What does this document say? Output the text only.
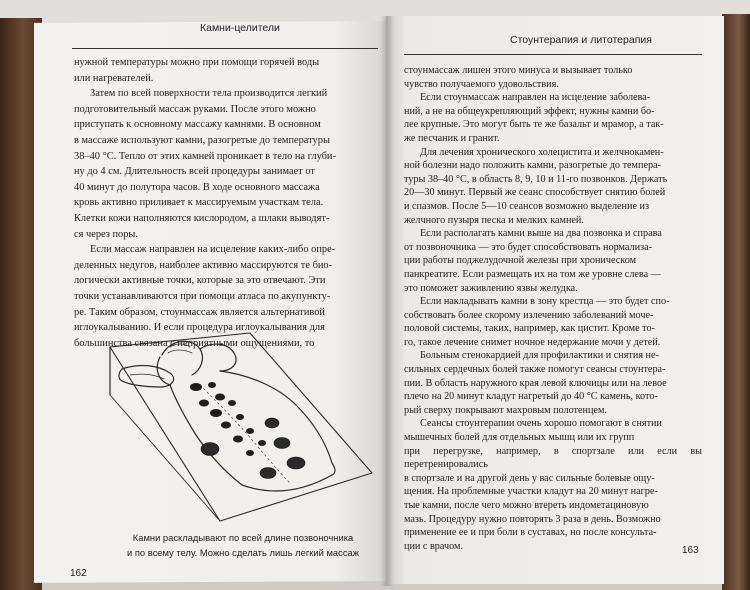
Камни-целители

нужной температуры можно при помощи горячей воды

или нагревателей.

Затем по всей поверхности тела производится легкий

подготовительный массаж руками. После этого можно

приступать к основному массажу камнями. В основном

в массаже используют камни, разогретые до температуры

38–40 °С. Тепло от этих камней проникает в тело на глуби-

ну до 4 см. Длительность всей процедуры занимает от

40 минут до полутора часов. В ходе основного массажа

кровь активно приливает к массируемым участкам тела.

Клетки кожи наполняются кислородом, а шлаки выводят-

ся через поры.

Если массаж направлен на исцеление каких-либо опре-

деленных недугов, наиболее активно массируются те био-

логически активные точки, которые за это отвечают. Эти

точки устанавливаются при помощи атласа по акупункту-

ре. Таким образом, стоунмассаж является альтернативой

иглоукалыванию. И если процедура иглоукалывания для

большинства связана с неприятными ощущениями, то

Камни раскладывают по всей длине позвоночника
и по всему телу. Можно сделать лишь легкий массаж
162
Стоунтерапия и литотерапия

стоунмассаж лишен этого минуса и вызывает только

чувство получаемого удовольствия.

Если стоунмассаж направлен на исцеление заболева-

ний, а не на общеукрепляющий эффект, нужны камни бо-

лее крупные. Это могут быть те же базальт и мрамор, а так-

же песчаник и гранит.

Для лечения хронического холецистита и желчнокамен-

ной болезни надо положить камни, разогретые до темпера-

туры 38–40 °С, в область 8, 9, 10 и 11-го позвонков. Держать

20—30 минут. Первый же сеанс способствует снятию болей

и спазмов. После 5—10 сеансов возможно выделение из

желчного пузыря песка и мелких камней.

Если располагать камни выше на два позвонка и справа

от позвоночника — это будет способствовать нормализа-

ции работы поджелудочной железы при хроническом

панкреатите. Если размещать их на том же уровне слева —

это поможет заживлению язвы желудка.

Если накладывать камни в зону крестца — это будет спо-

собствовать более скорому излечению заболеваний моче-

половой системы, таких, например, как цистит. Кроме то-

го, такое лечение снимет ночное недержание мочи у детей.

Больным стенокардией для профилактики и снятия не-

сильных сердечных болей также помогут сеансы стоунтера-

пии. В область наружного края левой ключицы или на левое

плечо на 20 минут кладут нагретый до 40 °С камень, кото-

рый сверху покрывают махровым полотенцем.

Сеансы стоунтерапии очень хорошо помогают в снятии

мышечных болей для отдельных мышц или их групп

при перегрузке, например, в спортзале или если вы перетренировались

в спортзале и на другой день у вас сильные болевые ощу-

щения. На проблемные участки кладут на 20 минут нагре-

тые камни, после чего можно втереть индометациновую

мазь. Процедуру нужно повторять 3 раза в день. Возможно

применение ее и при боли в суставах, но после консульта-

ции с врачом.	163
